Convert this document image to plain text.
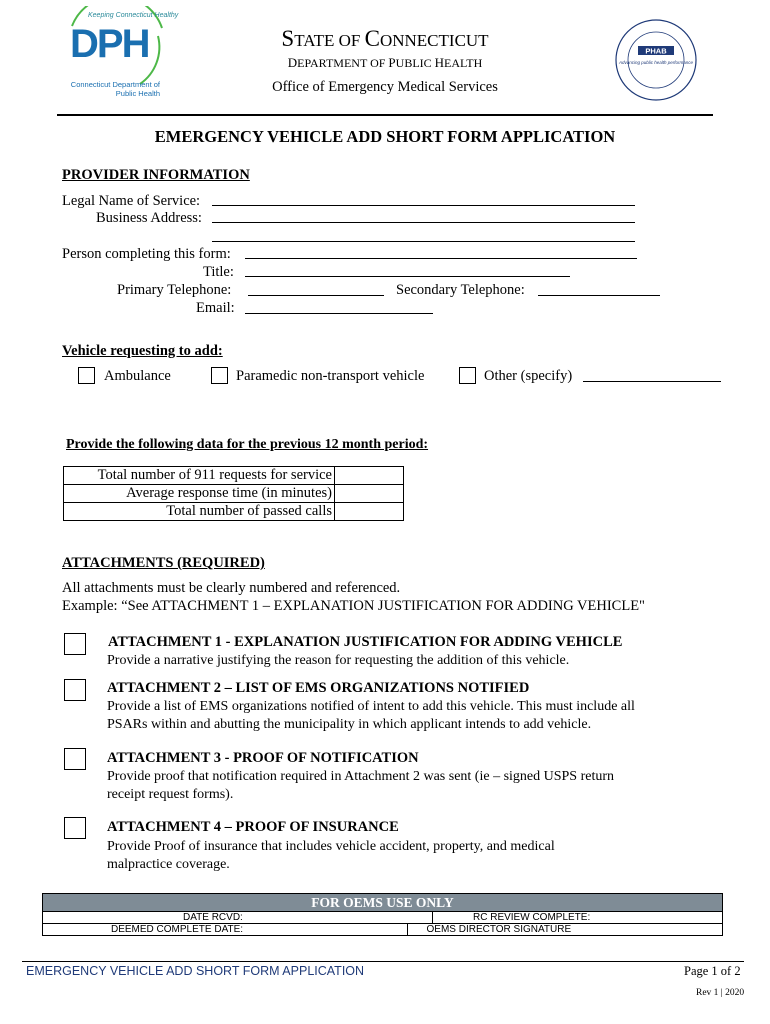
Keeping Connecticut Healthy
DPH
Connecticut Department of Public Health
STATE OF CONNECTICUT
DEPARTMENT OF PUBLIC HEALTH
Office of Emergency Medical Services
PHAB
Advancing public health performance
EMERGENCY VEHICLE ADD SHORT FORM APPLICATION
PROVIDER INFORMATION
Legal Name of Service:
Business Address:
Person completing this form:
Title:
Primary Telephone:	Secondary Telephone:
Email:
Vehicle requesting to add:
Ambulance	Paramedic non-transport vehicle	Other (specify)
Provide the following data for the previous 12 month period:
Total number of 911 requests for service	
Average response time (in minutes)	
Total number of passed calls	
ATTACHMENTS (REQUIRED)
All attachments must be clearly numbered and referenced.
Example: “See ATTACHMENT 1 – EXPLANATION JUSTIFICATION FOR ADDING VEHICLE"
ATTACHMENT 1 - EXPLANATION JUSTIFICATION FOR ADDING VEHICLE
Provide a narrative justifying the reason for requesting the addition of this vehicle.
ATTACHMENT 2 – LIST OF EMS ORGANIZATIONS NOTIFIED
Provide a list of EMS organizations notified of intent to add this vehicle. This must include all
PSARs within and abutting the municipality in which applicant intends to add vehicle.
ATTACHMENT 3 - PROOF OF NOTIFICATION
Provide proof that notification required in Attachment 2 was sent (ie – signed USPS return
receipt request forms).
ATTACHMENT 4 – PROOF OF INSURANCE
Provide Proof of insurance that includes vehicle accident, property, and medical
malpractice coverage.
FOR OEMS USE ONLY
DATE RCVD:	RC REVIEW COMPLETE:
DEEMED COMPLETE DATE:	OEMS DIRECTOR SIGNATURE
EMERGENCY VEHICLE ADD SHORT FORM APPLICATION	Page 1 of 2
Rev 1 | 2020
